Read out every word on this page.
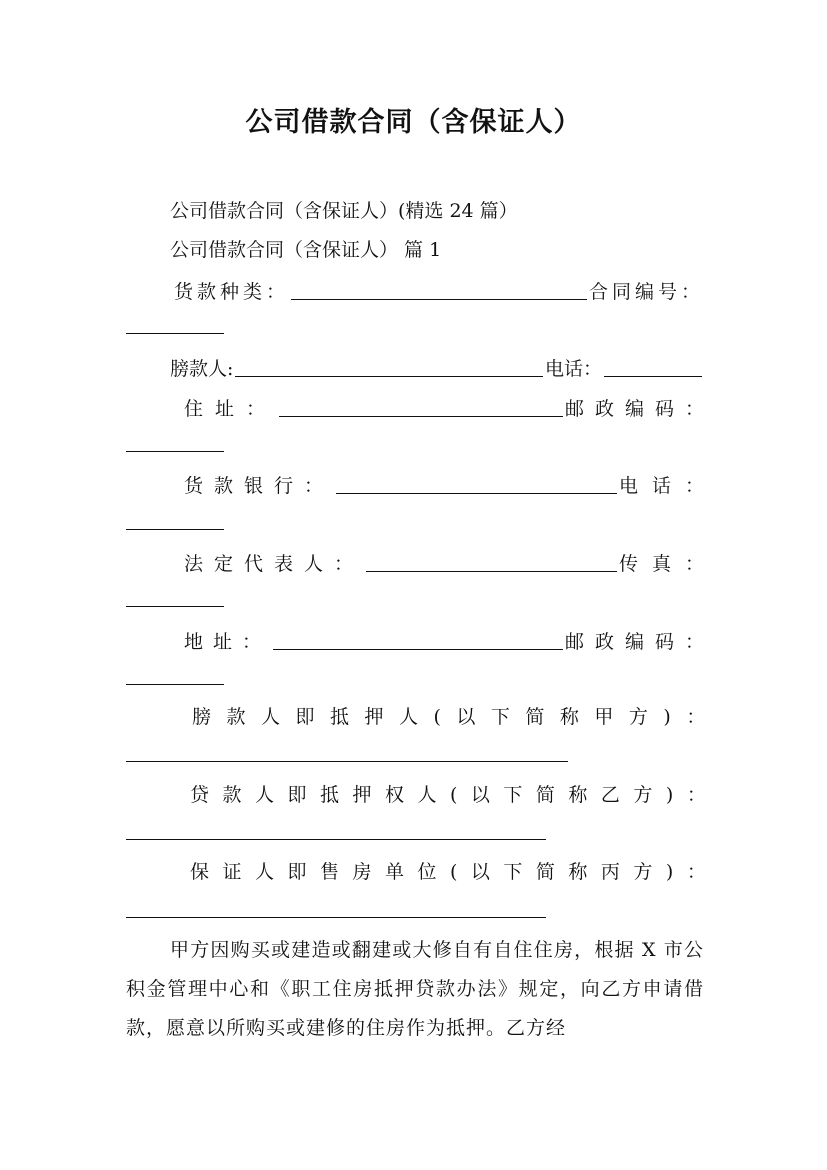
公司借款合同（含保证人）
公司借款合同（含保证人）(精选 24 篇）
公司借款合同（含保证人） 篇 1
货款种类：	合同编号：
膀款人:	电话：
住址：	邮政编码：
货款银行：	电话：
法定代表人：	传真：
地址：	邮政编码：
膀款人即抵押人(以下简称甲方)：
贷款人即抵押权人(以下简称乙方)：
保证人即售房单位(以下简称丙方)：
甲方因购买或建造或翻建或大修自有自住住房，根据 X 市公积金管理中心和《职工住房抵押贷款办法》规定，向乙方申请借款，愿意以所购买或建修的住房作为抵押。乙方经
